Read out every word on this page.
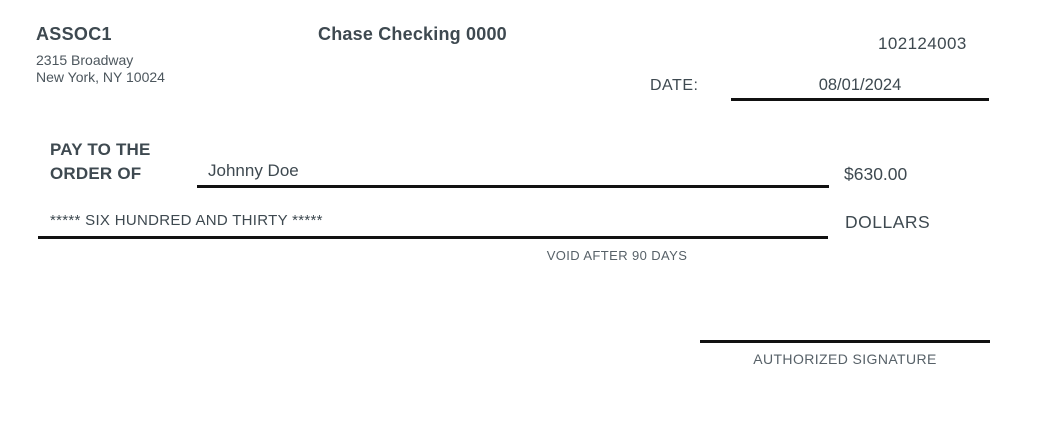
ASSOC1
2315 Broadway
New York, NY 10024
Chase Checking 0000	102124003
DATE:	08/01/2024
PAY TO THE
ORDER OF	Johnny Doe	$630.00
***** SIX HUNDRED AND THIRTY *****	DOLLARS
VOID AFTER 90 DAYS
AUTHORIZED SIGNATURE
